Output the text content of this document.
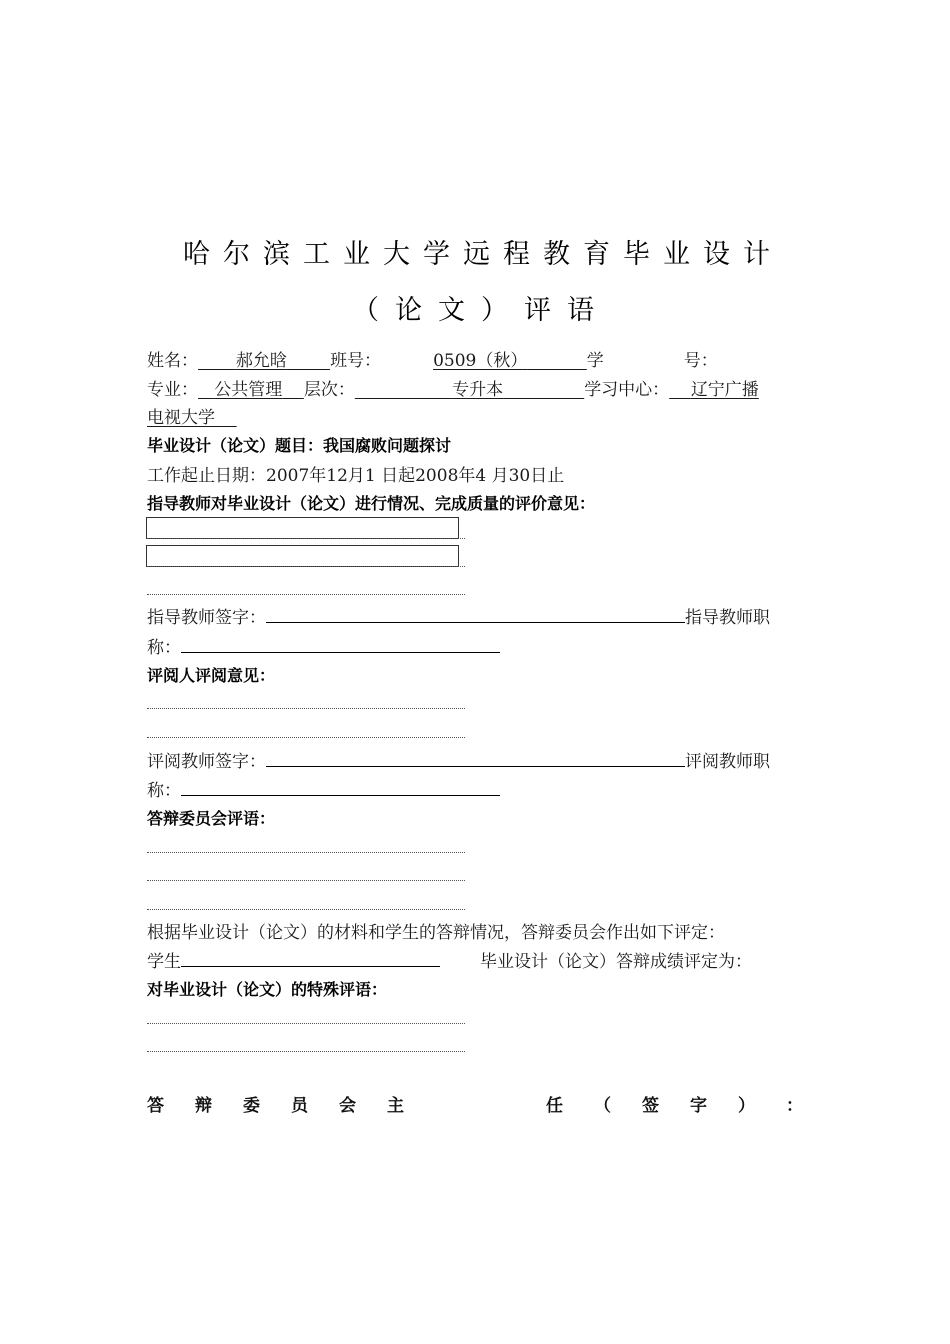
哈尔滨工业大学远程教育毕业设计
（论文）评语
姓名： 郝允晗	班号：	0509（秋）	学	号：
专业： 公共管理 层次：	专升本	学习中心： 辽宁广播
电视大学
毕业设计（论文）题目：我国腐败问题探讨
工作起止日期：2007年12月1 日起2008年4 月30日止
指导教师对毕业设计（论文）进行情况、完成质量的评价意见：
指导教师签字：	指导教师职
称：
评阅人评阅意见：
评阅教师签字：	评阅教师职
称：
答辩委员会评语：
根据毕业设计（论文）的材料和学生的答辩情况，答辩委员会作出如下评定：
学生	毕业设计（论文）答辩成绩评定为：
对毕业设计（论文）的特殊评语：
答 辩 委 员 会 主	任 （ 签 字 ） ：
